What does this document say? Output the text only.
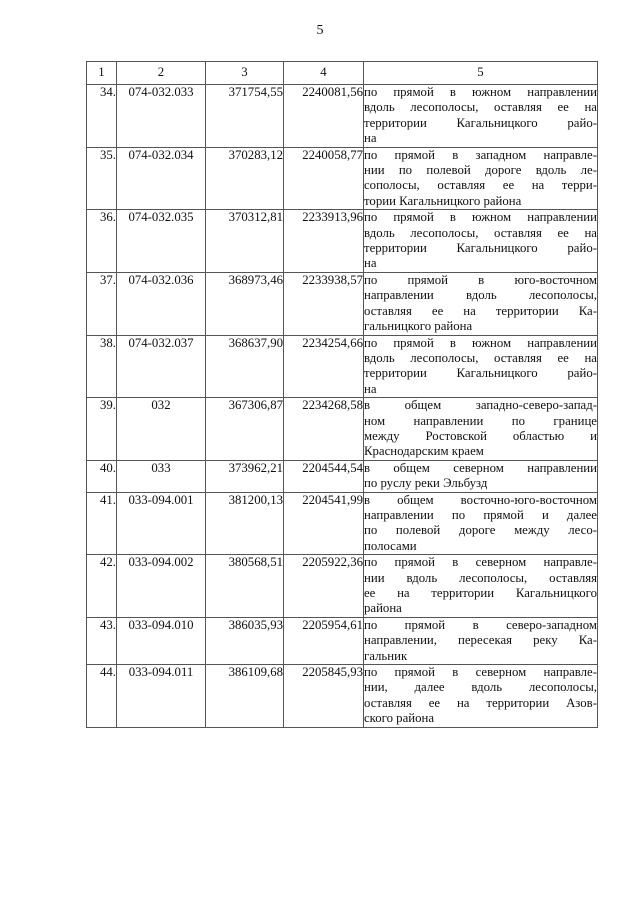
5
1	2	3	4	5
34.	074-032.033	371754,55	2240081,56	по прямой в южном направлении
вдоль лесополосы, оставляя ее на
территории Кагальницкого райо-
на

35.	074-032.034	370283,12	2240058,77	по прямой в западном направле-
нии по полевой дороге вдоль ле-
сополосы, оставляя ее на терри-
тории Кагальницкого района

36.	074-032.035	370312,81	2233913,96	по прямой в южном направлении
вдоль лесополосы, оставляя ее на
территории Кагальницкого райо-
на

37.	074-032.036	368973,46	2233938,57	по прямой в юго-восточном
направлении вдоль лесополосы,
оставляя ее на территории Ка-
гальницкого района

38.	074-032.037	368637,90	2234254,66	по прямой в южном направлении
вдоль лесополосы, оставляя ее на
территории Кагальницкого райо-
на

39.	032	367306,87	2234268,58	в общем западно-северо-запад-
ном направлении по границе
между Ростовской областью и
Краснодарским краем

40.	033	373962,21	2204544,54	в общем северном направлении
по руслу реки Эльбузд

41.	033-094.001	381200,13	2204541,99	в общем восточно-юго-восточном
направлении по прямой и далее
по полевой дороге между лесо-
полосами

42.	033-094.002	380568,51	2205922,36	по прямой в северном направле-
нии вдоль лесополосы, оставляя
ее на территории Кагальницкого
района

43.	033-094.010	386035,93	2205954,61	по прямой в северо-западном
направлении, пересекая реку Ка-
гальник

44.	033-094.011	386109,68	2205845,93	по прямой в северном направле-
нии, далее вдоль лесополосы,
оставляя ее на территории Азов-
ского района
